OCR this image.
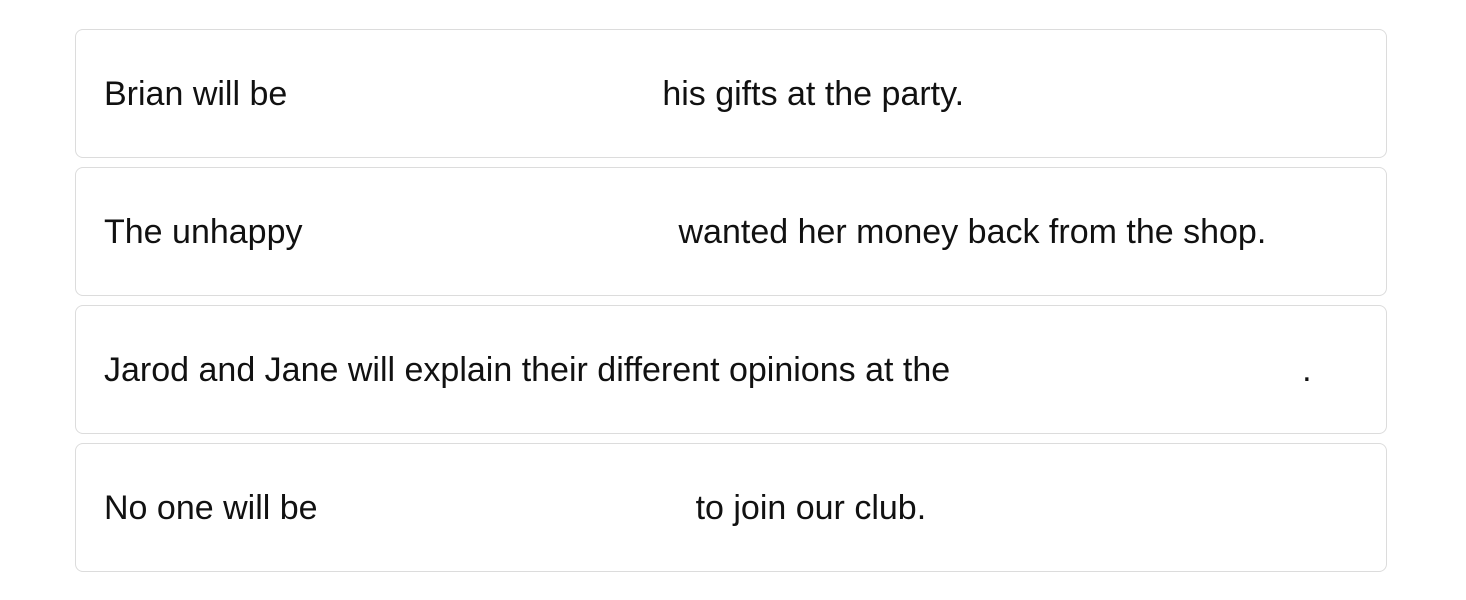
Brian will be	his gifts at the party.
The unhappy	wanted her money back from the shop.
Jarod and Jane will explain their different opinions at the	.
No one will be	to join our club.
